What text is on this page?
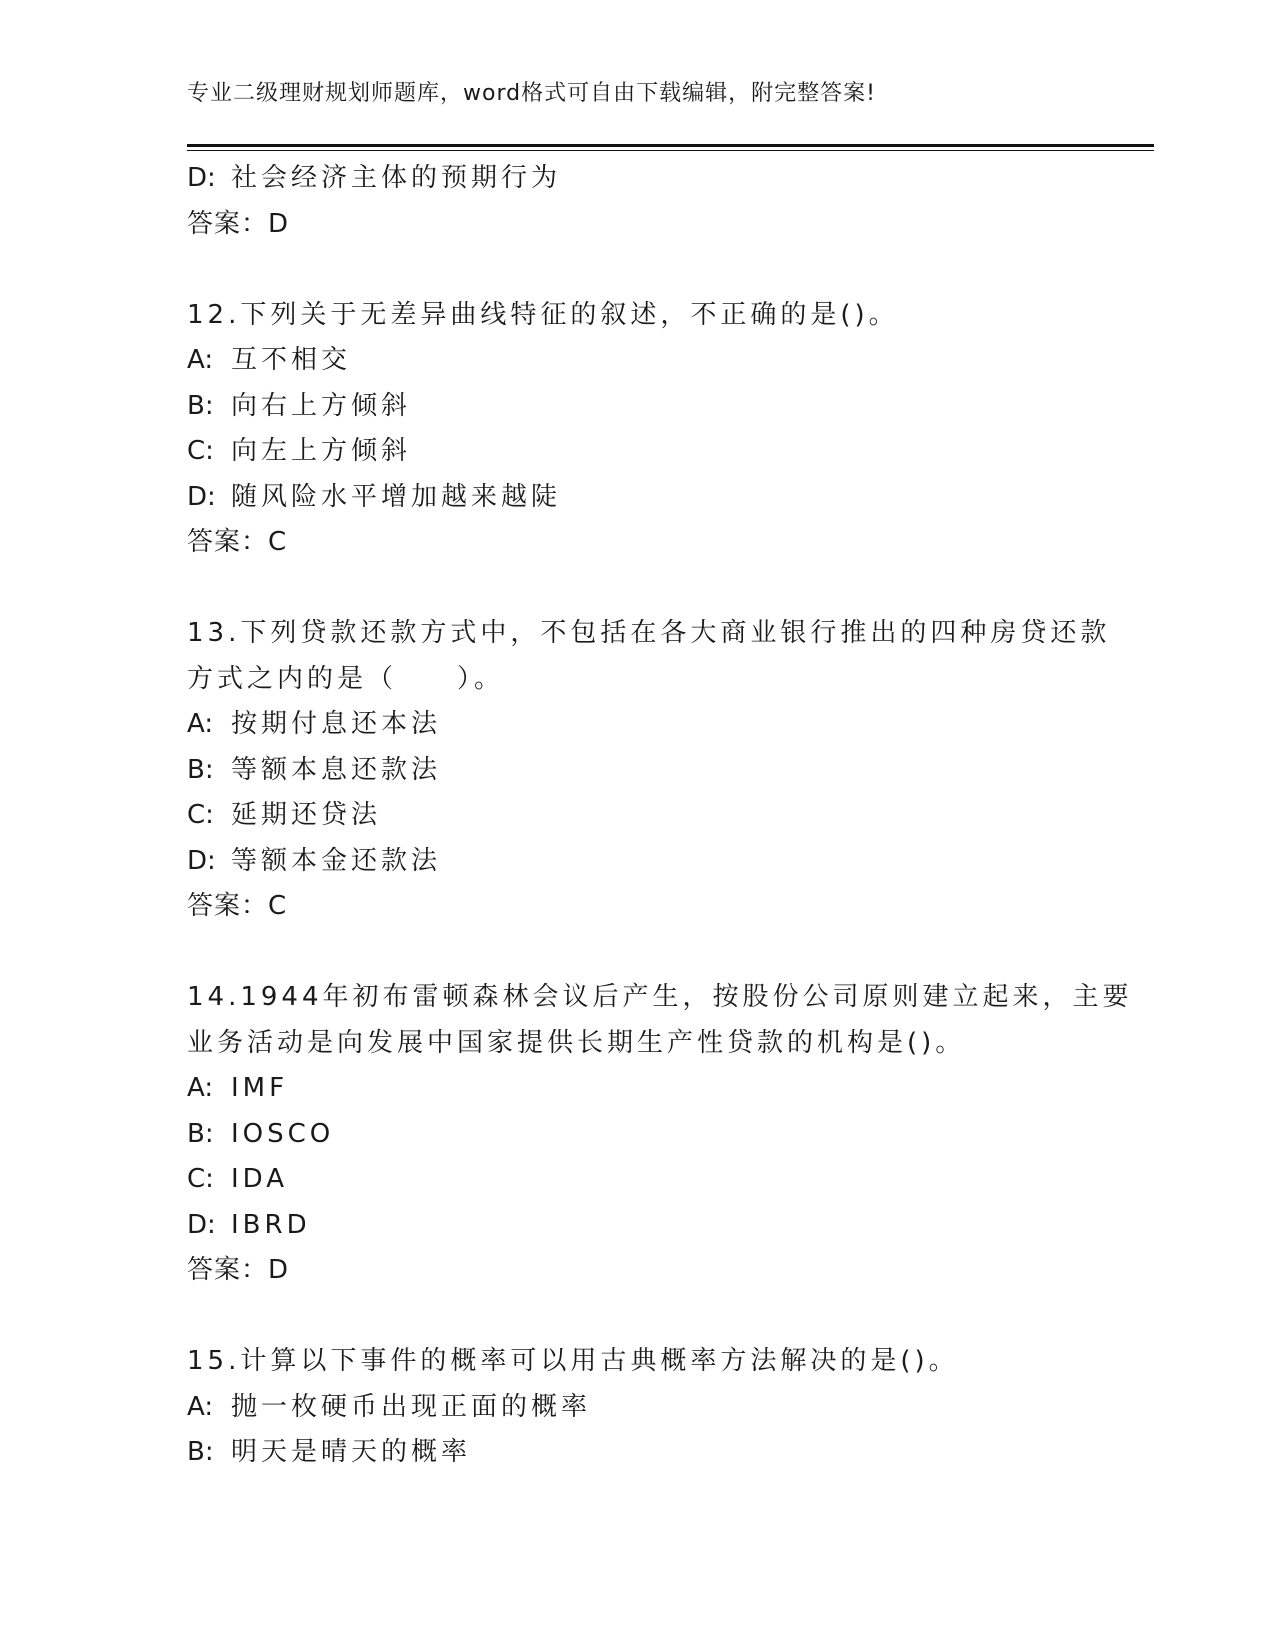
专业二级理财规划师题库，word格式可自由下载编辑，附完整答案!
D: 社会经济主体的预期行为
答案：D
12.下列关于无差异曲线特征的叙述，不正确的是()。
A: 互不相交
B: 向右上方倾斜
C: 向左上方倾斜
D: 随风险水平增加越来越陡
答案：C
13.下列贷款还款方式中，不包括在各大商业银行推出的四种房贷还款
方式之内的是（　　）。
A: 按期付息还本法
B: 等额本息还款法
C: 延期还贷法
D: 等额本金还款法
答案：C
14.1944年初布雷顿森林会议后产生，按股份公司原则建立起来，主要
业务活动是向发展中国家提供长期生产性贷款的机构是()。
A: IMF
B: IOSCO
C: IDA
D: IBRD
答案：D
15.计算以下事件的概率可以用古典概率方法解决的是()。
A: 抛一枚硬币出现正面的概率
B: 明天是晴天的概率
